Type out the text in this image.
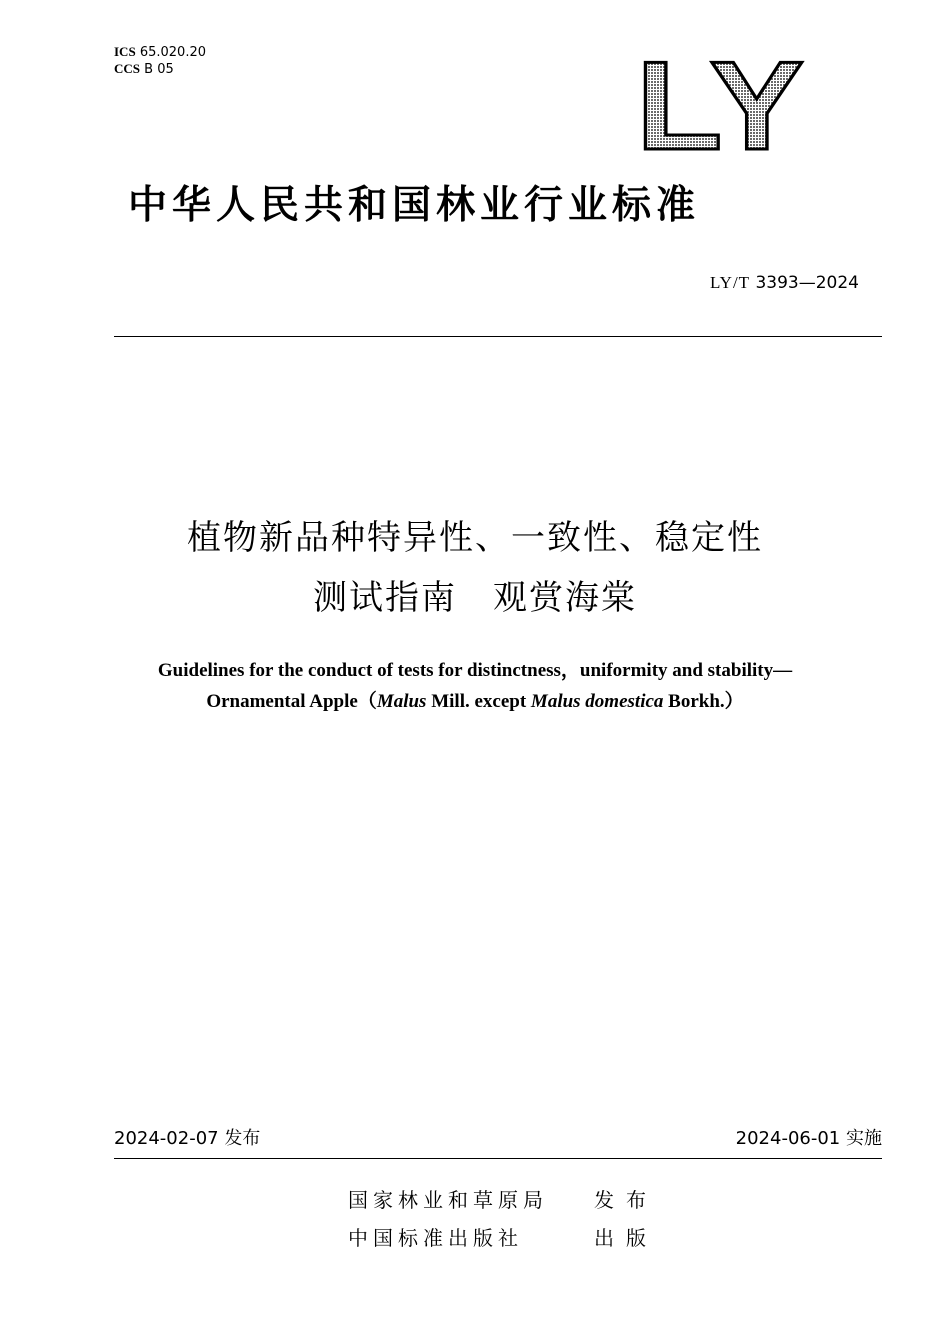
ICS 65.020.20
CCS B 05	LY
中华人民共和国林业行业标准
LY/T 3393—2024
植物新品种特异性、一致性、稳定性
测试指南　观赏海棠
Guidelines for the conduct of tests for distinctness，uniformity and stability—
Ornamental Apple（Malus Mill. except Malus domestica Borkh.）
2024-02-07 发布	2024-06-01 实施
国家林业和草原局 发布
中国标准出版社	出版
